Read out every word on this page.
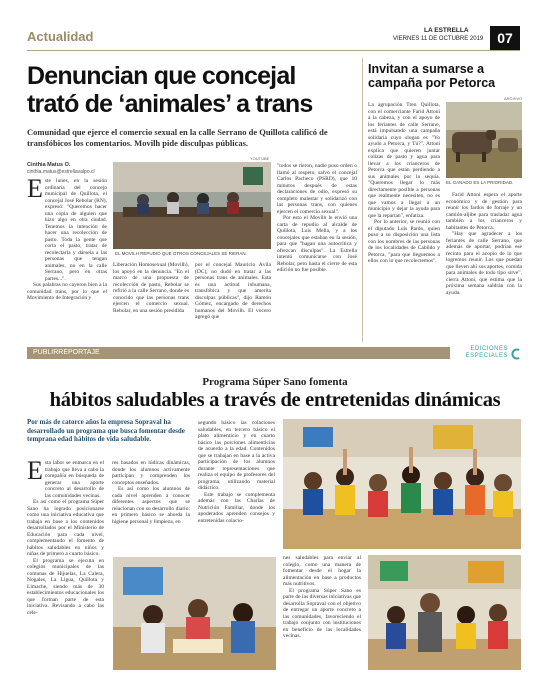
Actualidad	LA ESTRELLA
VIERNES 11 DE OCTUBRE 2019 07
Denuncian que concejal
trató de ‘animales’ a trans
Comunidad que ejerce el comercio sexual en la calle Serrano de Quillota calificó de transfóbicos los comentarios. Movilh pide disculpas públicas.
Cinthia Matus O.
cinthia.matus@estrellavalpo.cl
E ste lunes, en la sesión ordinaria del concejo municipal de Quillota, el concejal José Rebolar (RN), expresó: "Queremos hacer una copia de alguien que hizo algo en otra ciudad. Tenemos la intención de hacer una recolección de pasto. Toda la gente que corta el pasto, tratar de recolectarla y dársela a las personas que tengan animales, no en la calle Serrano, pero en otras partes...".
Sus palabras no cayeron bien a la comunidad trans, por lo que el Movimiento de Integración y
YOUTUBE
EL MOVILH REPUDIÓ QUE OTROS CONCEJALES SE RIERAN.
Liberación Homosexual (Movilh), los apoyó en la denuncia. "En el marco de una propuesta de recolección de pasto, Rebolar se refirió a la calle Serrano, donde es conocido que las personas trans ejercen el comercio sexual. Rebolar, en una sesión presidida
por el concejal Mauricio Ávila (DC), no dudó en tratar a las personas trans de animales. Esta es una actitud inhumana, transfóbica y que amerita disculpas públicas", dijo Ramón Gómez, encargado de derechos humanos del Movilh. El vocero agregó que
"todos se rieron, nadie puso orden o llamó al respeto, salvo el concejal Carlos Pacheco (PSRD), que 10 minutos después de estas declaraciones de odio, expresó su completo malestar y solidarizó con las personas trans, con quienes ejercen el comercio sexual".
Por esto el Movilh le envió una carta de repudio al alcalde de Quillota, Luis Mella, y a los concejales que estaban en la sesión, para que "hagan una autocrítica y ofrezcan disculpas". La Estrella intentó comunicarse con José Rebolar, pero hasta el cierre de esta edición no fue posible.
Invitan a sumarse a
campaña por Petorca
ARCHIVO
La agrupación Tren Quillota, con el comerciante Farid Attoni a la cabeza, y con el apoyo de los feriantes de calle Serrano, está impulsando una campaña solidaria cuyo slogan es "Yo ayudo a Petorca, y Tú?". Attoni explica que quieren juntar colizas de pasto y agua para llevar a los crianceros de Petorca que están perdiendo a sus animales por la sequía. "Queremos llegar lo más directamente posible a personas que realmente necesiten, no es que vamos a llegar a un municipio y dejar la ayuda para que la repartan", enfatiza.
Por lo anterior, se reunió con el diputado Luis Pardo, quien puso a su disposición una lista con los nombres de las personas de los localidades de Cabildo y Petorca, "para que lleguemos a ellos con lo que recolectemos".
EL GANADO ES LA PRIORIDAD.
Farid Attoni espera el aporte económico y de gestión para reunir los fardos de forraje y un camión-aljibe para trasladar agua también a los crianceros y habitantes de Petorca.
"Hay que agradecer a los feriantes de calle Serrano, que además de aportar, podrían ese recinto para el acopio de lo que logremos reunir. Los que puedan que lleven ahí sus aportes, comida para animales de todo tipo sirve", cierra Attoni, que estima que la próxima semana saldrán con la ayuda.
PUBLIRREPORTAJE	EDICIONES
ESPECIALES
Programa Súper Sano fomenta
hábitos saludables a través de entretenidas dinámicas
Por más de catorce años la empresa Sopraval ha desarrollado un programa que busca fomentar desde temprana edad hábitos de vida saludable.
E sta labor se enmarca en el trabajo que lleva a cabo la compañía en búsqueda de generar una aporte concreto al desarrollo de las comunidades vecinas.
Es así como el programa Súper Sano ha logrado posicionarse como una iniciativa educativa que trabaja en base a los contenidos desarrollados por el Ministerio de Educación para cada nivel, complementando el fomento de hábitos saludables en niños y niñas de primero a cuarto básico.
El programa se ejecuta en colegios municipales de las comunas de Hijuelas, La Calera, Nogales, La Ligua, Quillota y Limache, siendo más de 30 establecimientos educacionales los que forman parte de esta iniciativa. Revisando a cabo las cele-
res basados en lúdicas dinámicas, donde los alumnos activamente participan y comprenden los conceptos enseñados.
Es así como los alumnos de cada nivel aprenden a conocer diferentes aspectos que se relacionan con su desarrollo diario: en primero básico se aborda la higiene personal y limpieza, en
segundo básico las colaciones saludables, en tercero básico el plato alimenticio y en cuarto básico las porciones alimenticias de acuerdo a la edad. Contenidos que se trabajan en base a la activa participación de los alumnos durante representaciones que realiza el equipo de profesores del programa, utilizando material didáctico.
Este trabajo se complementa además con las Charlas de Nutrición Familiar, donde los apoderados aprenden consejos y entretenidas colacio-
nes saludables para enviar al colegio, como una manera de fomentar desde el hogar la alimentación en base a productos más nutritivos.
El programa Súper Sano es parte de las diversas iniciativas que desarrolla Sopraval con el objetivo de entregar un aporte concreto a las comunidades, favoreciendo el trabajo conjunto con instituciones en beneficio de las localidades vecinas.
